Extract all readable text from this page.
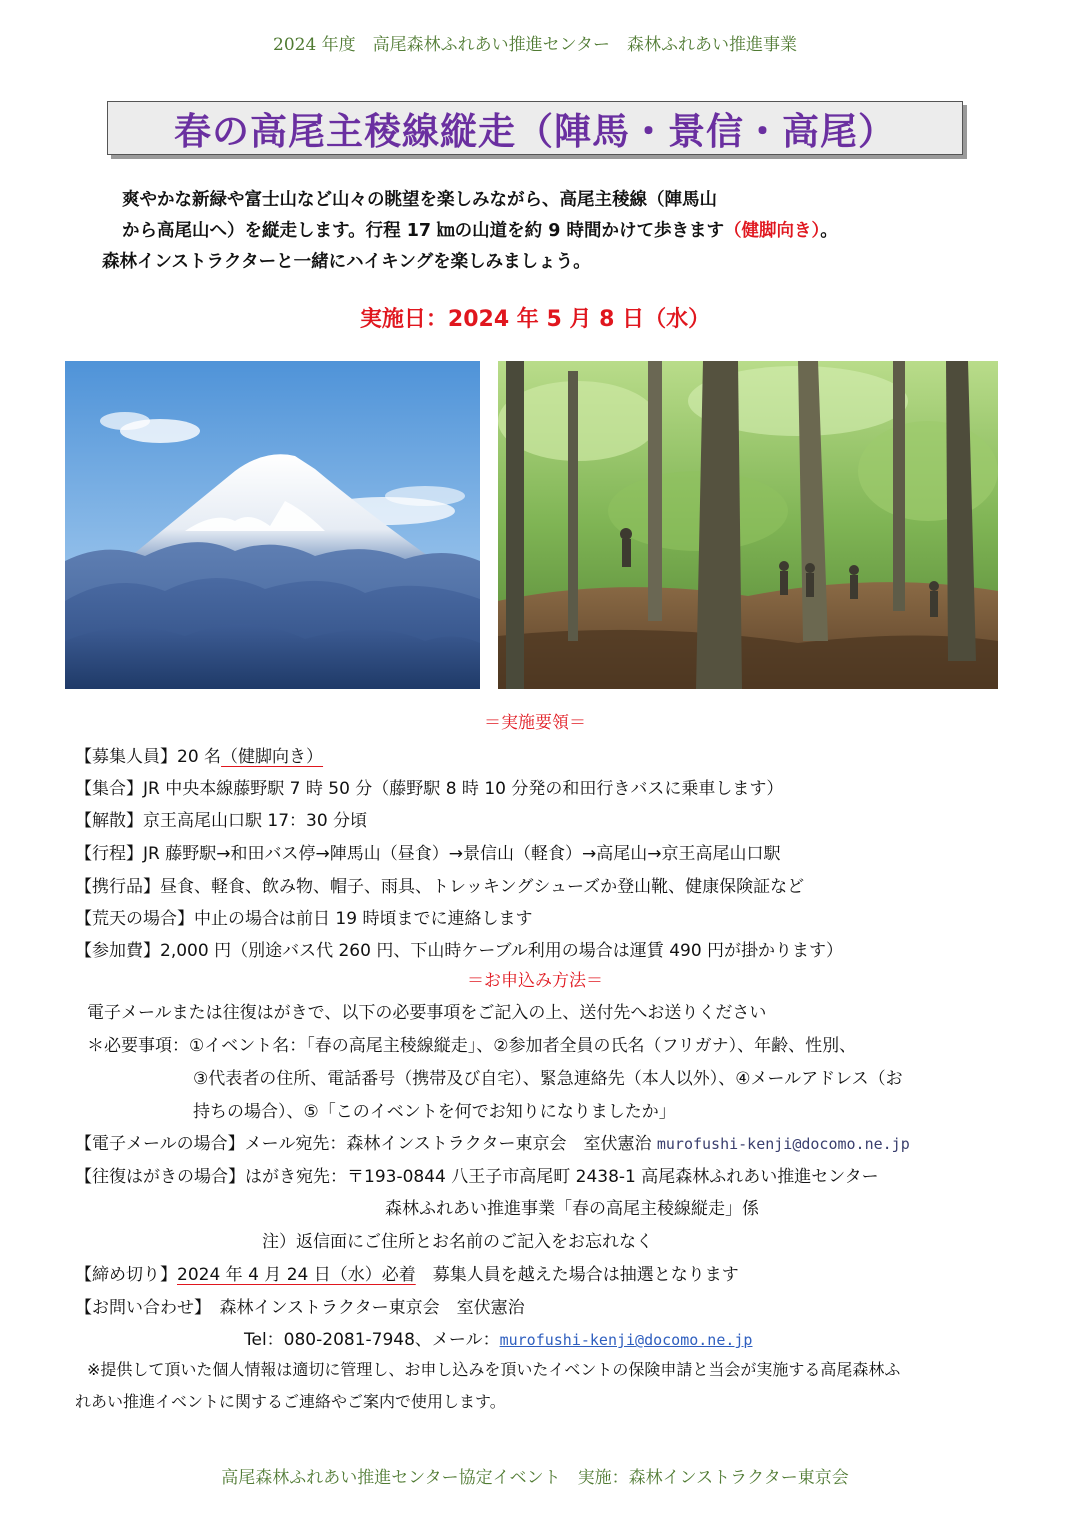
2024 年度　高尾森林ふれあい推進センター　森林ふれあい推進事業
春の高尾主稜線縦走（陣馬・景信・高尾）
爽やかな新緑や富士山など山々の眺望を楽しみながら、高尾主稜線（陣馬山
から高尾山へ）を縦走します。行程 17 ㎞の山道を約 9 時間かけて歩きます（健脚向き）。
森林インストラクターと一緒にハイキングを楽しみましょう。
実施日：2024 年 5 月 8 日（水）
＝実施要領＝
【募集人員】20 名（健脚向き）
【集合】JR 中央本線藤野駅 7 時 50 分（藤野駅 8 時 10 分発の和田行きバスに乗車します）
【解散】京王高尾山口駅 17：30 分頃
【行程】JR 藤野駅→和田バス停→陣馬山（昼食）→景信山（軽食）→高尾山→京王高尾山口駅
【携行品】昼食、軽食、飲み物、帽子、雨具、トレッキングシューズか登山靴、健康保険証など
【荒天の場合】中止の場合は前日 19 時頃までに連絡します
【参加費】2,000 円（別途バス代 260 円、下山時ケーブル利用の場合は運賃 490 円が掛かります）
＝お申込み方法＝
電子メールまたは往復はがきで、以下の必要事項をご記入の上、送付先へお送りください
＊必要事項：①イベント名：「春の高尾主稜線縦走」、②参加者全員の氏名（フリガナ）、年齢、性別、
③代表者の住所、電話番号（携帯及び自宅）、緊急連絡先（本人以外）、④メールアドレス（お
持ちの場合）、⑤「このイベントを何でお知りになりましたか」
【電子メールの場合】メール宛先：森林インストラクター東京会　室伏憲治 murofushi-kenji@docomo.ne.jp
【往復はがきの場合】はがき宛先：〒193-0844 八王子市高尾町 2438-1 高尾森林ふれあい推進センター
森林ふれあい推進事業「春の高尾主稜線縦走」係
注）返信面にご住所とお名前のご記入をお忘れなく
【締め切り】2024 年 4 月 24 日（水）必着　募集人員を越えた場合は抽選となります
【お問い合わせ】　森林インストラクター東京会　室伏憲治
Tel：080-2081-7948、メール：murofushi-kenji@docomo.ne.jp
※提供して頂いた個人情報は適切に管理し、お申し込みを頂いたイベントの保険申請と当会が実施する高尾森林ふ
れあい推進イベントに関するご連絡やご案内で使用します。
高尾森林ふれあい推進センター協定イベント　実施：森林インストラクター東京会
